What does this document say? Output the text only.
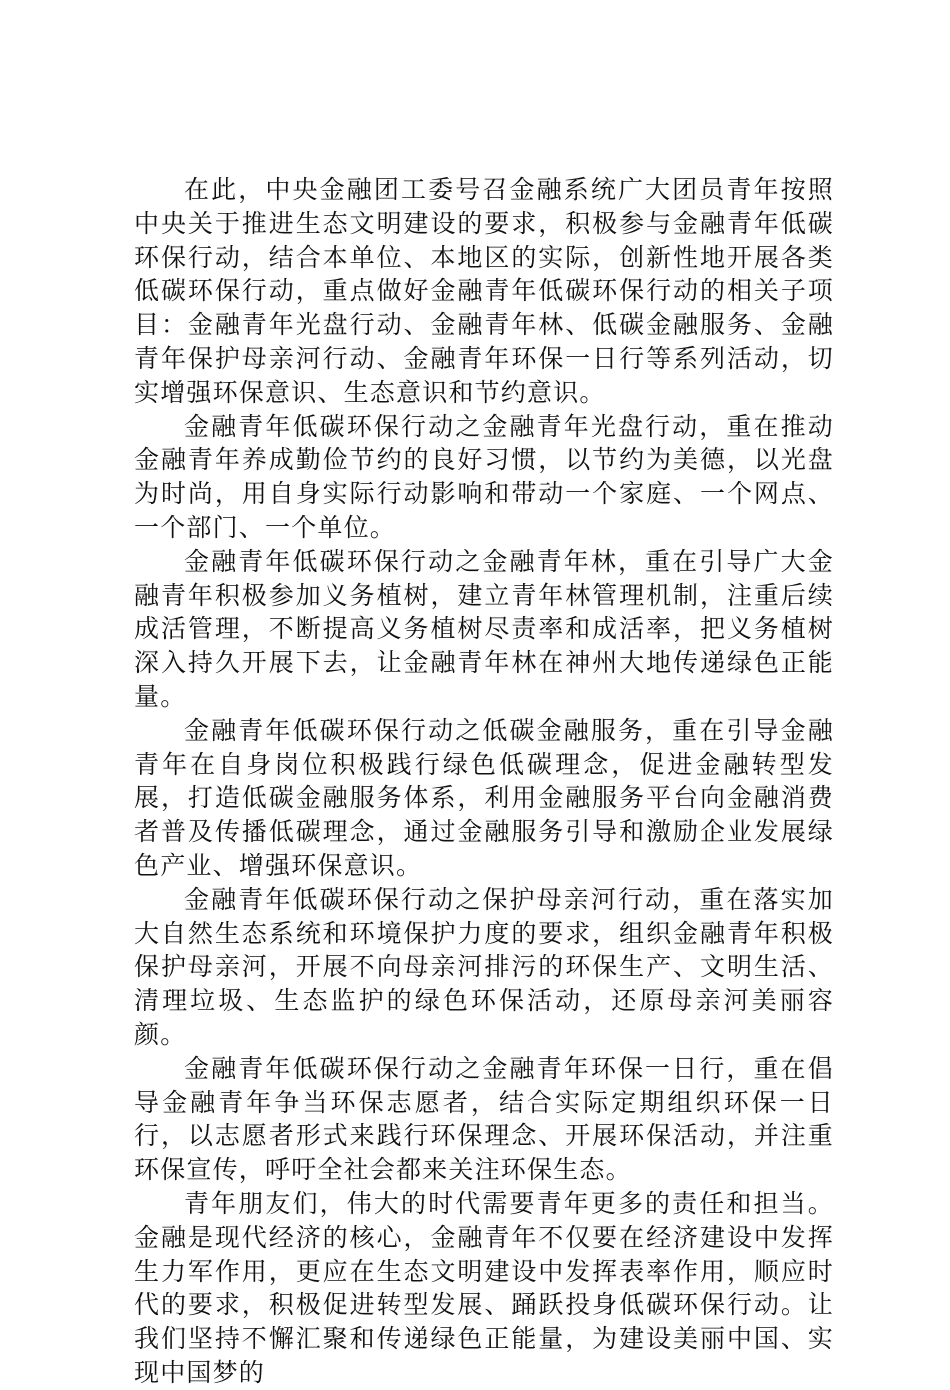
在此，中央金融团工委号召金融系统广大团员青年按照中央关于推进生态文明建设的要求，积极参与金融青年低碳环保行动，结合本单位、本地区的实际，创新性地开展各类低碳环保行动，重点做好金融青年低碳环保行动的相关子项目：金融青年光盘行动、金融青年林、低碳金融服务、金融青年保护母亲河行动、金融青年环保一日行等系列活动，切实增强环保意识、生态意识和节约意识。

金融青年低碳环保行动之金融青年光盘行动，重在推动金融青年养成勤俭节约的良好习惯，以节约为美德，以光盘为时尚，用自身实际行动影响和带动一个家庭、一个网点、一个部门、一个单位。

金融青年低碳环保行动之金融青年林，重在引导广大金融青年积极参加义务植树，建立青年林管理机制，注重后续成活管理，不断提高义务植树尽责率和成活率，把义务植树深入持久开展下去，让金融青年林在神州大地传递绿色正能量。

金融青年低碳环保行动之低碳金融服务，重在引导金融青年在自身岗位积极践行绿色低碳理念，促进金融转型发展，打造低碳金融服务体系，利用金融服务平台向金融消费者普及传播低碳理念，通过金融服务引导和激励企业发展绿色产业、增强环保意识。

金融青年低碳环保行动之保护母亲河行动，重在落实加大自然生态系统和环境保护力度的要求，组织金融青年积极保护母亲河，开展不向母亲河排污的环保生产、文明生活、清理垃圾、生态监护的绿色环保活动，还原母亲河美丽容颜。

金融青年低碳环保行动之金融青年环保一日行，重在倡导金融青年争当环保志愿者，结合实际定期组织环保一日行，以志愿者形式来践行环保理念、开展环保活动，并注重环保宣传，呼吁全社会都来关注环保生态。

青年朋友们，伟大的时代需要青年更多的责任和担当。金融是现代经济的核心，金融青年不仅要在经济建设中发挥生力军作用，更应在生态文明建设中发挥表率作用，顺应时代的要求，积极促进转型发展、踊跃投身低碳环保行动。让我们坚持不懈汇聚和传递绿色正能量，为建设美丽中国、实现中国梦的
